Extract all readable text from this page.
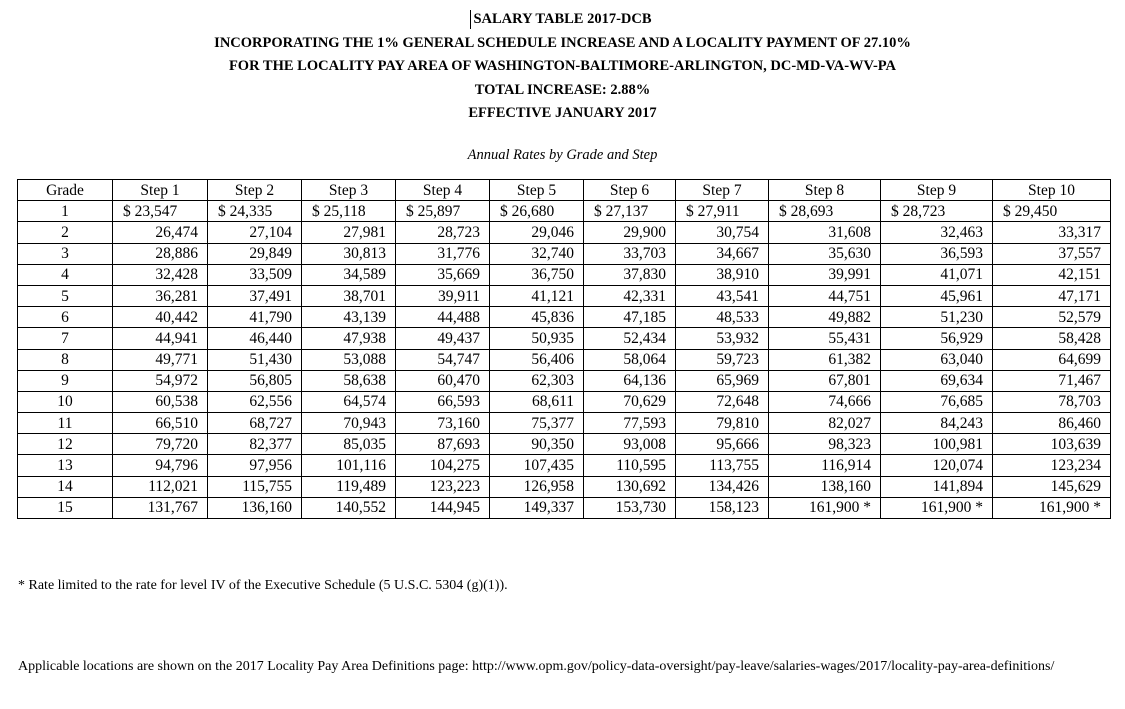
SALARY TABLE 2017-DCB
INCORPORATING THE 1% GENERAL SCHEDULE INCREASE AND A LOCALITY PAYMENT OF 27.10%
FOR THE LOCALITY PAY AREA OF WASHINGTON-BALTIMORE-ARLINGTON, DC-MD-VA-WV-PA
TOTAL INCREASE: 2.88%
EFFECTIVE JANUARY 2017
Annual Rates by Grade and Step
Grade	Step 1	Step 2	Step 3	Step 4	Step 5	Step 6	Step 7	Step 8	Step 9	Step 10
1	$ 23,547	$ 24,335	$ 25,118	$ 25,897	$ 26,680	$ 27,137	$ 27,911	$ 28,693	$ 28,723	$ 29,450
2	26,474	27,104	27,981	28,723	29,046	29,900	30,754	31,608	32,463	33,317
3	28,886	29,849	30,813	31,776	32,740	33,703	34,667	35,630	36,593	37,557
4	32,428	33,509	34,589	35,669	36,750	37,830	38,910	39,991	41,071	42,151
5	36,281	37,491	38,701	39,911	41,121	42,331	43,541	44,751	45,961	47,171
6	40,442	41,790	43,139	44,488	45,836	47,185	48,533	49,882	51,230	52,579
7	44,941	46,440	47,938	49,437	50,935	52,434	53,932	55,431	56,929	58,428
8	49,771	51,430	53,088	54,747	56,406	58,064	59,723	61,382	63,040	64,699
9	54,972	56,805	58,638	60,470	62,303	64,136	65,969	67,801	69,634	71,467
10	60,538	62,556	64,574	66,593	68,611	70,629	72,648	74,666	76,685	78,703
11	66,510	68,727	70,943	73,160	75,377	77,593	79,810	82,027	84,243	86,460
12	79,720	82,377	85,035	87,693	90,350	93,008	95,666	98,323	100,981	103,639
13	94,796	97,956	101,116	104,275	107,435	110,595	113,755	116,914	120,074	123,234
14	112,021	115,755	119,489	123,223	126,958	130,692	134,426	138,160	141,894	145,629
15	131,767	136,160	140,552	144,945	149,337	153,730	158,123	161,900 *	161,900 *	161,900 *
* Rate limited to the rate for level IV of the Executive Schedule (5 U.S.C. 5304 (g)(1)).
Applicable locations are shown on the 2017 Locality Pay Area Definitions page: http://www.opm.gov/policy-data-oversight/pay-leave/salaries-wages/2017/locality-pay-area-definitions/
